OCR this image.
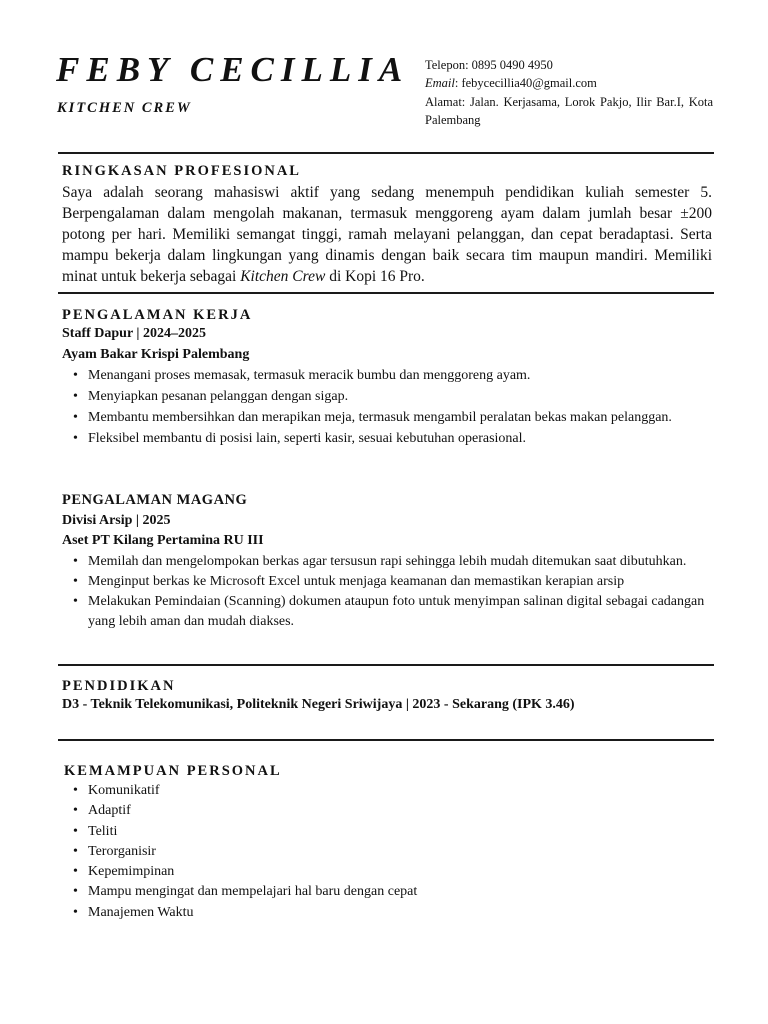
FEBY CECILLIA
KITCHEN CREW
Telepon: 0895 0490 4950
Email: febycecillia40@gmail.com
Alamat: Jalan. Kerjasama, Lorok Pakjo, Ilir Bar.I, Kota Palembang
RINGKASAN PROFESIONAL
Saya adalah seorang mahasiswi aktif yang sedang menempuh pendidikan kuliah semester 5. Berpengalaman dalam mengolah makanan, termasuk menggoreng ayam dalam jumlah besar ±200 potong per hari. Memiliki semangat tinggi, ramah melayani pelanggan, dan cepat beradaptasi. Serta mampu bekerja dalam lingkungan yang dinamis dengan baik secara tim maupun mandiri. Memiliki minat untuk bekerja sebagai Kitchen Crew di Kopi 16 Pro.
PENGALAMAN KERJA
Staff Dapur | 2024–2025
Ayam Bakar Krispi Palembang
• Menangani proses memasak, termasuk meracik bumbu dan menggoreng ayam.
• Menyiapkan pesanan pelanggan dengan sigap.
• Membantu membersihkan dan merapikan meja, termasuk mengambil peralatan bekas makan pelanggan.
• Fleksibel membantu di posisi lain, seperti kasir, sesuai kebutuhan operasional.
PENGALAMAN MAGANG
Divisi Arsip | 2025
Aset PT Kilang Pertamina RU III
• Memilah dan mengelompokan berkas agar tersusun rapi sehingga lebih mudah ditemukan saat dibutuhkan.
• Menginput berkas ke Microsoft Excel untuk menjaga keamanan dan memastikan kerapian arsip
• Melakukan Pemindaian (Scanning) dokumen ataupun foto untuk menyimpan salinan digital sebagai cadangan yang lebih aman dan mudah diakses.
PENDIDIKAN
D3 - Teknik Telekomunikasi, Politeknik Negeri Sriwijaya | 2023 - Sekarang (IPK 3.46)
KEMAMPUAN PERSONAL
• Komunikatif
• Adaptif
• Teliti
• Terorganisir
• Kepemimpinan
• Mampu mengingat dan mempelajari hal baru dengan cepat
• Manajemen Waktu
